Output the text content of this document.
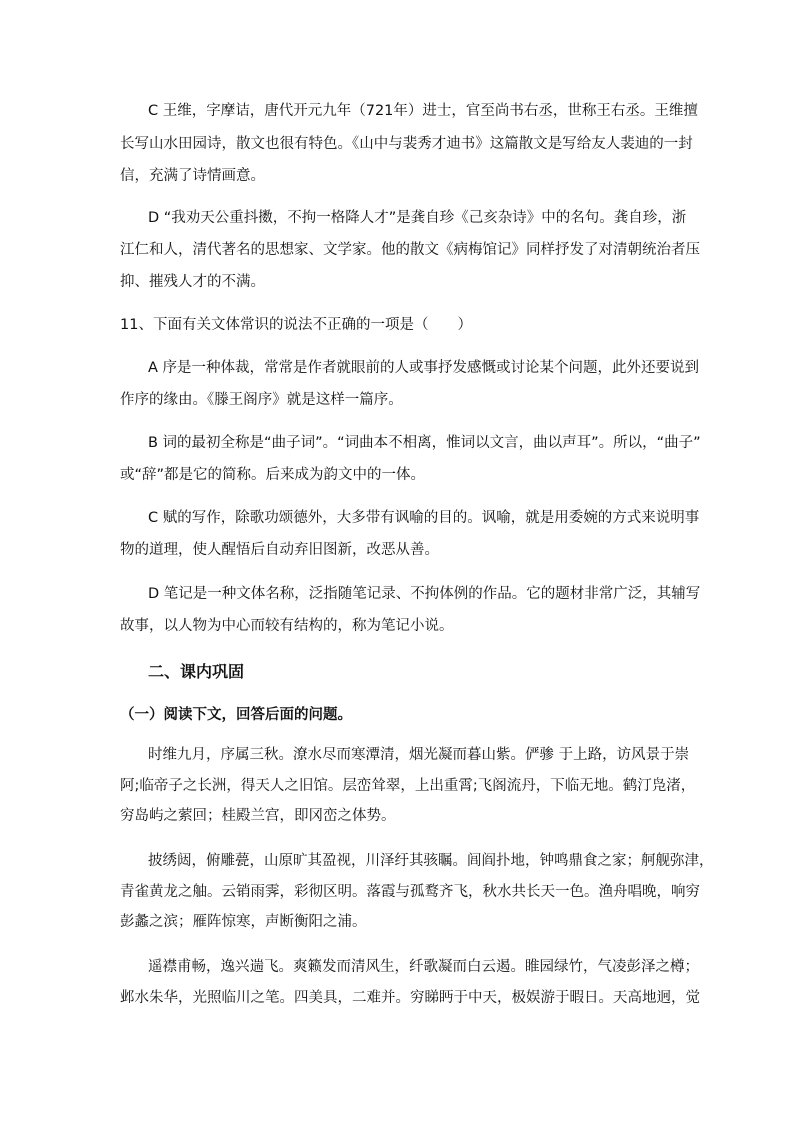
C 王维，字摩诘，唐代开元九年（721年）进士，官至尚书右丞，世称王右丞。王维擅
长写山水田园诗，散文也很有特色。《山中与裴秀才迪书》这篇散文是写给友人裴迪的一封
信，充满了诗情画意。
D “我劝天公重抖擞，不拘一格降人才”是龚自珍《己亥杂诗》中的名句。龚自珍，浙
江仁和人，清代著名的思想家、文学家。他的散文《病梅馆记》同样抒发了对清朝统治者压
抑、摧残人才的不满。
11、下面有关文体常识的说法不正确的一项是（　　）
A 序是一种体裁，常常是作者就眼前的人或事抒发感慨或讨论某个问题，此外还要说到
作序的缘由。《滕王阁序》就是这样一篇序。
B 词的最初全称是“曲子词”。“词曲本不相离，惟词以文言，曲以声耳”。所以，“曲子”
或“辞”都是它的简称。后来成为韵文中的一体。
C 赋的写作，除歌功颂德外，大多带有讽喻的目的。讽喻，就是用委婉的方式来说明事
物的道理，使人醒悟后自动弃旧图新，改恶从善。
D 笔记是一种文体名称，泛指随笔记录、不拘体例的作品。它的题材非常广泛，其辅写
故事，以人物为中心而较有结构的，称为笔记小说。
二、课内巩固
（一）阅读下文，回答后面的问题。
时维九月，序属三秋。潦水尽而寒潭清，烟光凝而暮山紫。俨骖 于上路，访风景于崇
阿;临帝子之长洲，得天人之旧馆。层峦耸翠，上出重霄;飞阁流丹，下临无地。鹤汀凫渚，
穷岛屿之萦回；桂殿兰宫，即冈峦之体势。
披绣闼，俯雕甍，山原旷其盈视，川泽纡其骇瞩。闾阎扑地，钟鸣鼎食之家；舸舰弥津，
青雀黄龙之舳。云销雨霁，彩彻区明。落霞与孤鹜齐飞，秋水共长天一色。渔舟唱晚，响穷
彭蠡之滨；雁阵惊寒，声断衡阳之浦。
遥襟甫畅，逸兴遄飞。爽籁发而清风生，纤歌凝而白云遏。睢园绿竹，气凌彭泽之樽；
邺水朱华，光照临川之笔。四美具，二难并。穷睇眄于中天，极娱游于暇日。天高地迥，觉
